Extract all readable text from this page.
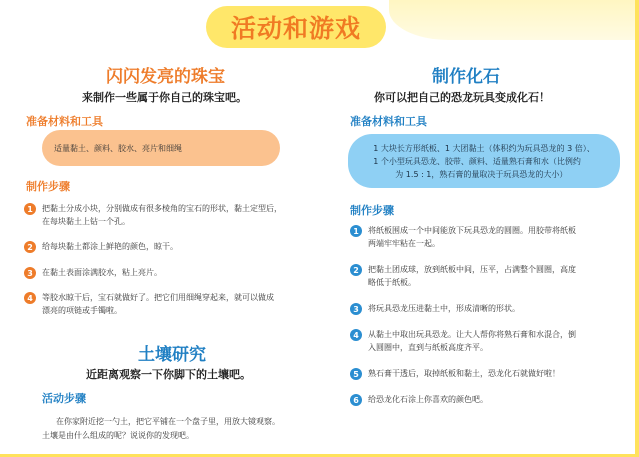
活动和游戏
闪闪发亮的珠宝
来制作一些属于你自己的珠宝吧。
准备材料和工具
适量黏土、颜料、胶水、亮片和细绳
制作步骤
1	把黏土分成小块，分别做成有很多棱角的宝石的形状，黏土定型后，
在每块黏土上钻一个孔。
2	给每块黏土都涂上鲜艳的颜色，晾干。
3	在黏土表面涂满胶水，粘上亮片。
4	等胶水晾干后，宝石就做好了。把它们用细绳穿起来，就可以做成
漂亮的项链或手镯啦。
土壤研究
近距离观察一下你脚下的土壤吧。
活动步骤
在你家附近挖一勺土，把它平铺在一个盘子里，用放大镜观察。
土壤是由什么组成的呢？说说你的发现吧。
制作化石
你可以把自己的恐龙玩具变成化石！
准备材料和工具
1 大块长方形纸板、1 大团黏土（体积约为玩具恐龙的 3 倍）、
1 个小型玩具恐龙、胶带、颜料、适量熟石膏和水（比例约
为 1.5 : 1，熟石膏的量取决于玩具恐龙的大小）
制作步骤
1	将纸板围成一个中间能放下玩具恐龙的圆圈。用胶带将纸板
两端牢牢粘在一起。
2	把黏土团成球，放到纸板中间，压平，占满整个圆圈，高度
略低于纸板。
3	将玩具恐龙压进黏土中，形成清晰的形状。
4	从黏土中取出玩具恐龙。让大人帮你将熟石膏和水混合，倒
入圆圈中，直到与纸板高度齐平。
5	熟石膏干透后，取掉纸板和黏土，恐龙化石就做好啦！
6	给恐龙化石涂上你喜欢的颜色吧。
